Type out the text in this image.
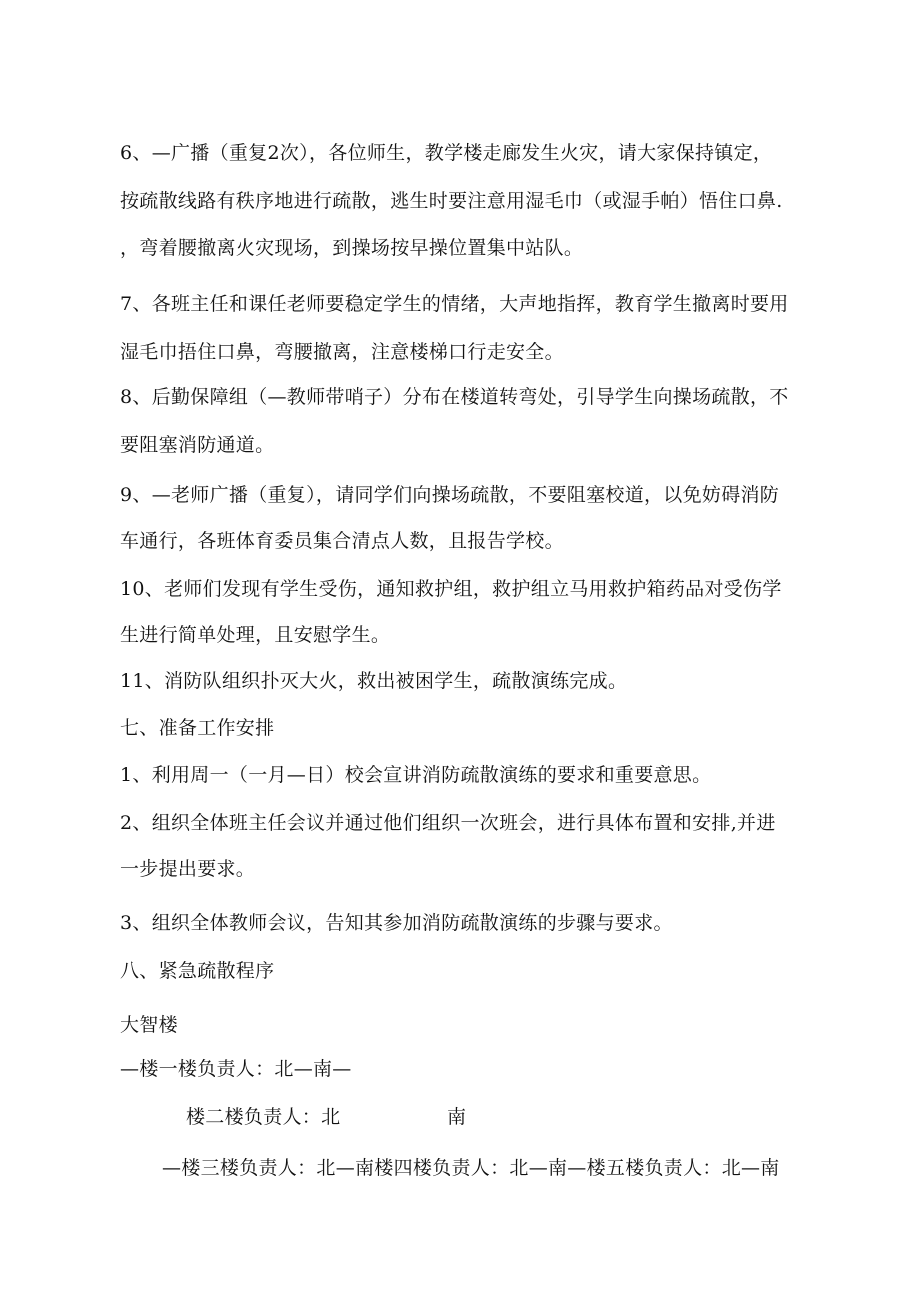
6、—广播（重复2次），各位师生，教学楼走廊发生火灾，请大家保持镇定，
按疏散线路有秩序地进行疏散，逃生时要注意用湿毛巾（或湿手帕）悟住口鼻.
，弯着腰撤离火灾现场，到操场按早操位置集中站队。
7、各班主任和课任老师要稳定学生的情绪，大声地指挥，教育学生撤离时要用
湿毛巾捂住口鼻，弯腰撤离，注意楼梯口行走安全。
8、后勤保障组（—教师带哨子）分布在楼道转弯处，引导学生向操场疏散，不
要阻塞消防通道。
9、—老师广播（重复），请同学们向操场疏散，不要阻塞校道，以免妨碍消防
车通行，各班体育委员集合清点人数，且报告学校。
10、老师们发现有学生受伤，通知救护组，救护组立马用救护箱药品对受伤学
生进行简单处理，且安慰学生。
11、消防队组织扑灭大火，救出被困学生，疏散演练完成。
七、准备工作安排
1、利用周一（一月—日）校会宣讲消防疏散演练的要求和重要意思。
2、组织全体班主任会议并通过他们组织一次班会，进行具体布置和安排,并进
一步提出要求。
3、组织全体教师会议，告知其参加消防疏散演练的步骤与要求。
八、紧急疏散程序
大智楼
—楼一楼负责人：北—南—
楼二楼负责人：北	南
—楼三楼负责人：北—南楼四楼负责人：北—南—楼五楼负责人：北—南
